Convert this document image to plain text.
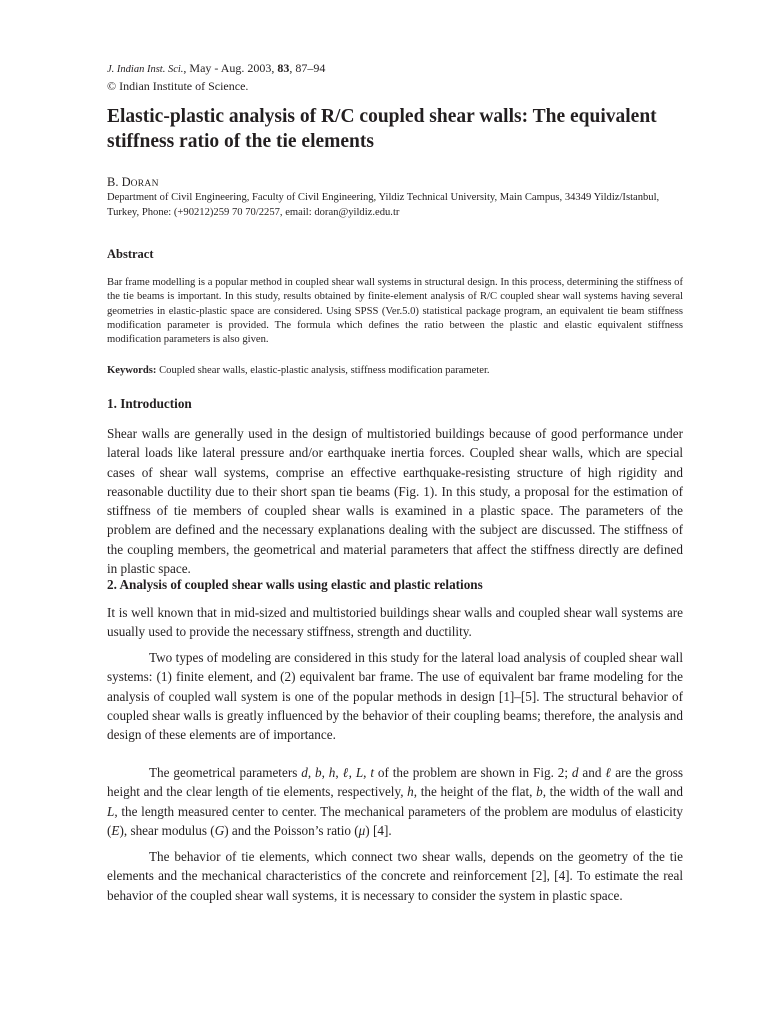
J. Indian Inst. Sci., May - Aug. 2003, 83, 87–94
© Indian Institute of Science.
Elastic-plastic analysis of R/C coupled shear walls: The equivalent stiffness ratio of the tie elements
B. DORAN
Department of Civil Engineering, Faculty of Civil Engineering, Yildiz Technical University, Main Campus, 34349 Yildiz/Istanbul, Turkey, Phone: (+90212)259 70 70/2257, email: doran@yildiz.edu.tr
Abstract
Bar frame modelling is a popular method in coupled shear wall systems in structural design. In this process, determining the stiffness of the tie beams is important. In this study, results obtained by finite-element analysis of R/C coupled shear wall systems having several geometries in elastic-plastic space are considered. Using SPSS (Ver.5.0) statistical package program, an equivalent tie beam stiffness modification parameter is provided. The formula which defines the ratio between the plastic and elastic equivalent stiffness modification parameters is also given.
Keywords: Coupled shear walls, elastic-plastic analysis, stiffness modification parameter.
1. Introduction
Shear walls are generally used in the design of multistoried buildings because of good performance under lateral loads like lateral pressure and/or earthquake inertia forces. Coupled shear walls, which are special cases of shear wall systems, comprise an effective earthquake-resisting structure of high rigidity and reasonable ductility due to their short span tie beams (Fig. 1). In this study, a proposal for the estimation of stiffness of tie members of coupled shear walls is examined in a plastic space. The parameters of the problem are defined and the necessary explanations dealing with the subject are discussed. The stiffness of the coupling members, the geometrical and material parameters that affect the stiffness directly are defined in plastic space.
2. Analysis of coupled shear walls using elastic and plastic relations
It is well known that in mid-sized and multistoried buildings shear walls and coupled shear wall systems are usually used to provide the necessary stiffness, strength and ductility.
Two types of modeling are considered in this study for the lateral load analysis of coupled shear wall systems: (1) finite element, and (2) equivalent bar frame. The use of equivalent bar frame modeling for the analysis of coupled wall system is one of the popular methods in design [1]–[5]. The structural behavior of coupled shear walls is greatly influenced by the behavior of their coupling beams; therefore, the analysis and design of these elements are of importance.
The geometrical parameters d, b, h, ℓ, L, t of the problem are shown in Fig. 2; d and ℓ are the gross height and the clear length of tie elements, respectively, h, the height of the flat, b, the width of the wall and L, the length measured center to center. The mechanical parameters of the problem are modulus of elasticity (E), shear modulus (G) and the Poisson’s ratio (μ) [4].
The behavior of tie elements, which connect two shear walls, depends on the geometry of the tie elements and the mechanical characteristics of the concrete and reinforcement [2], [4]. To estimate the real behavior of the coupled shear wall systems, it is necessary to consider the system in plastic space.
